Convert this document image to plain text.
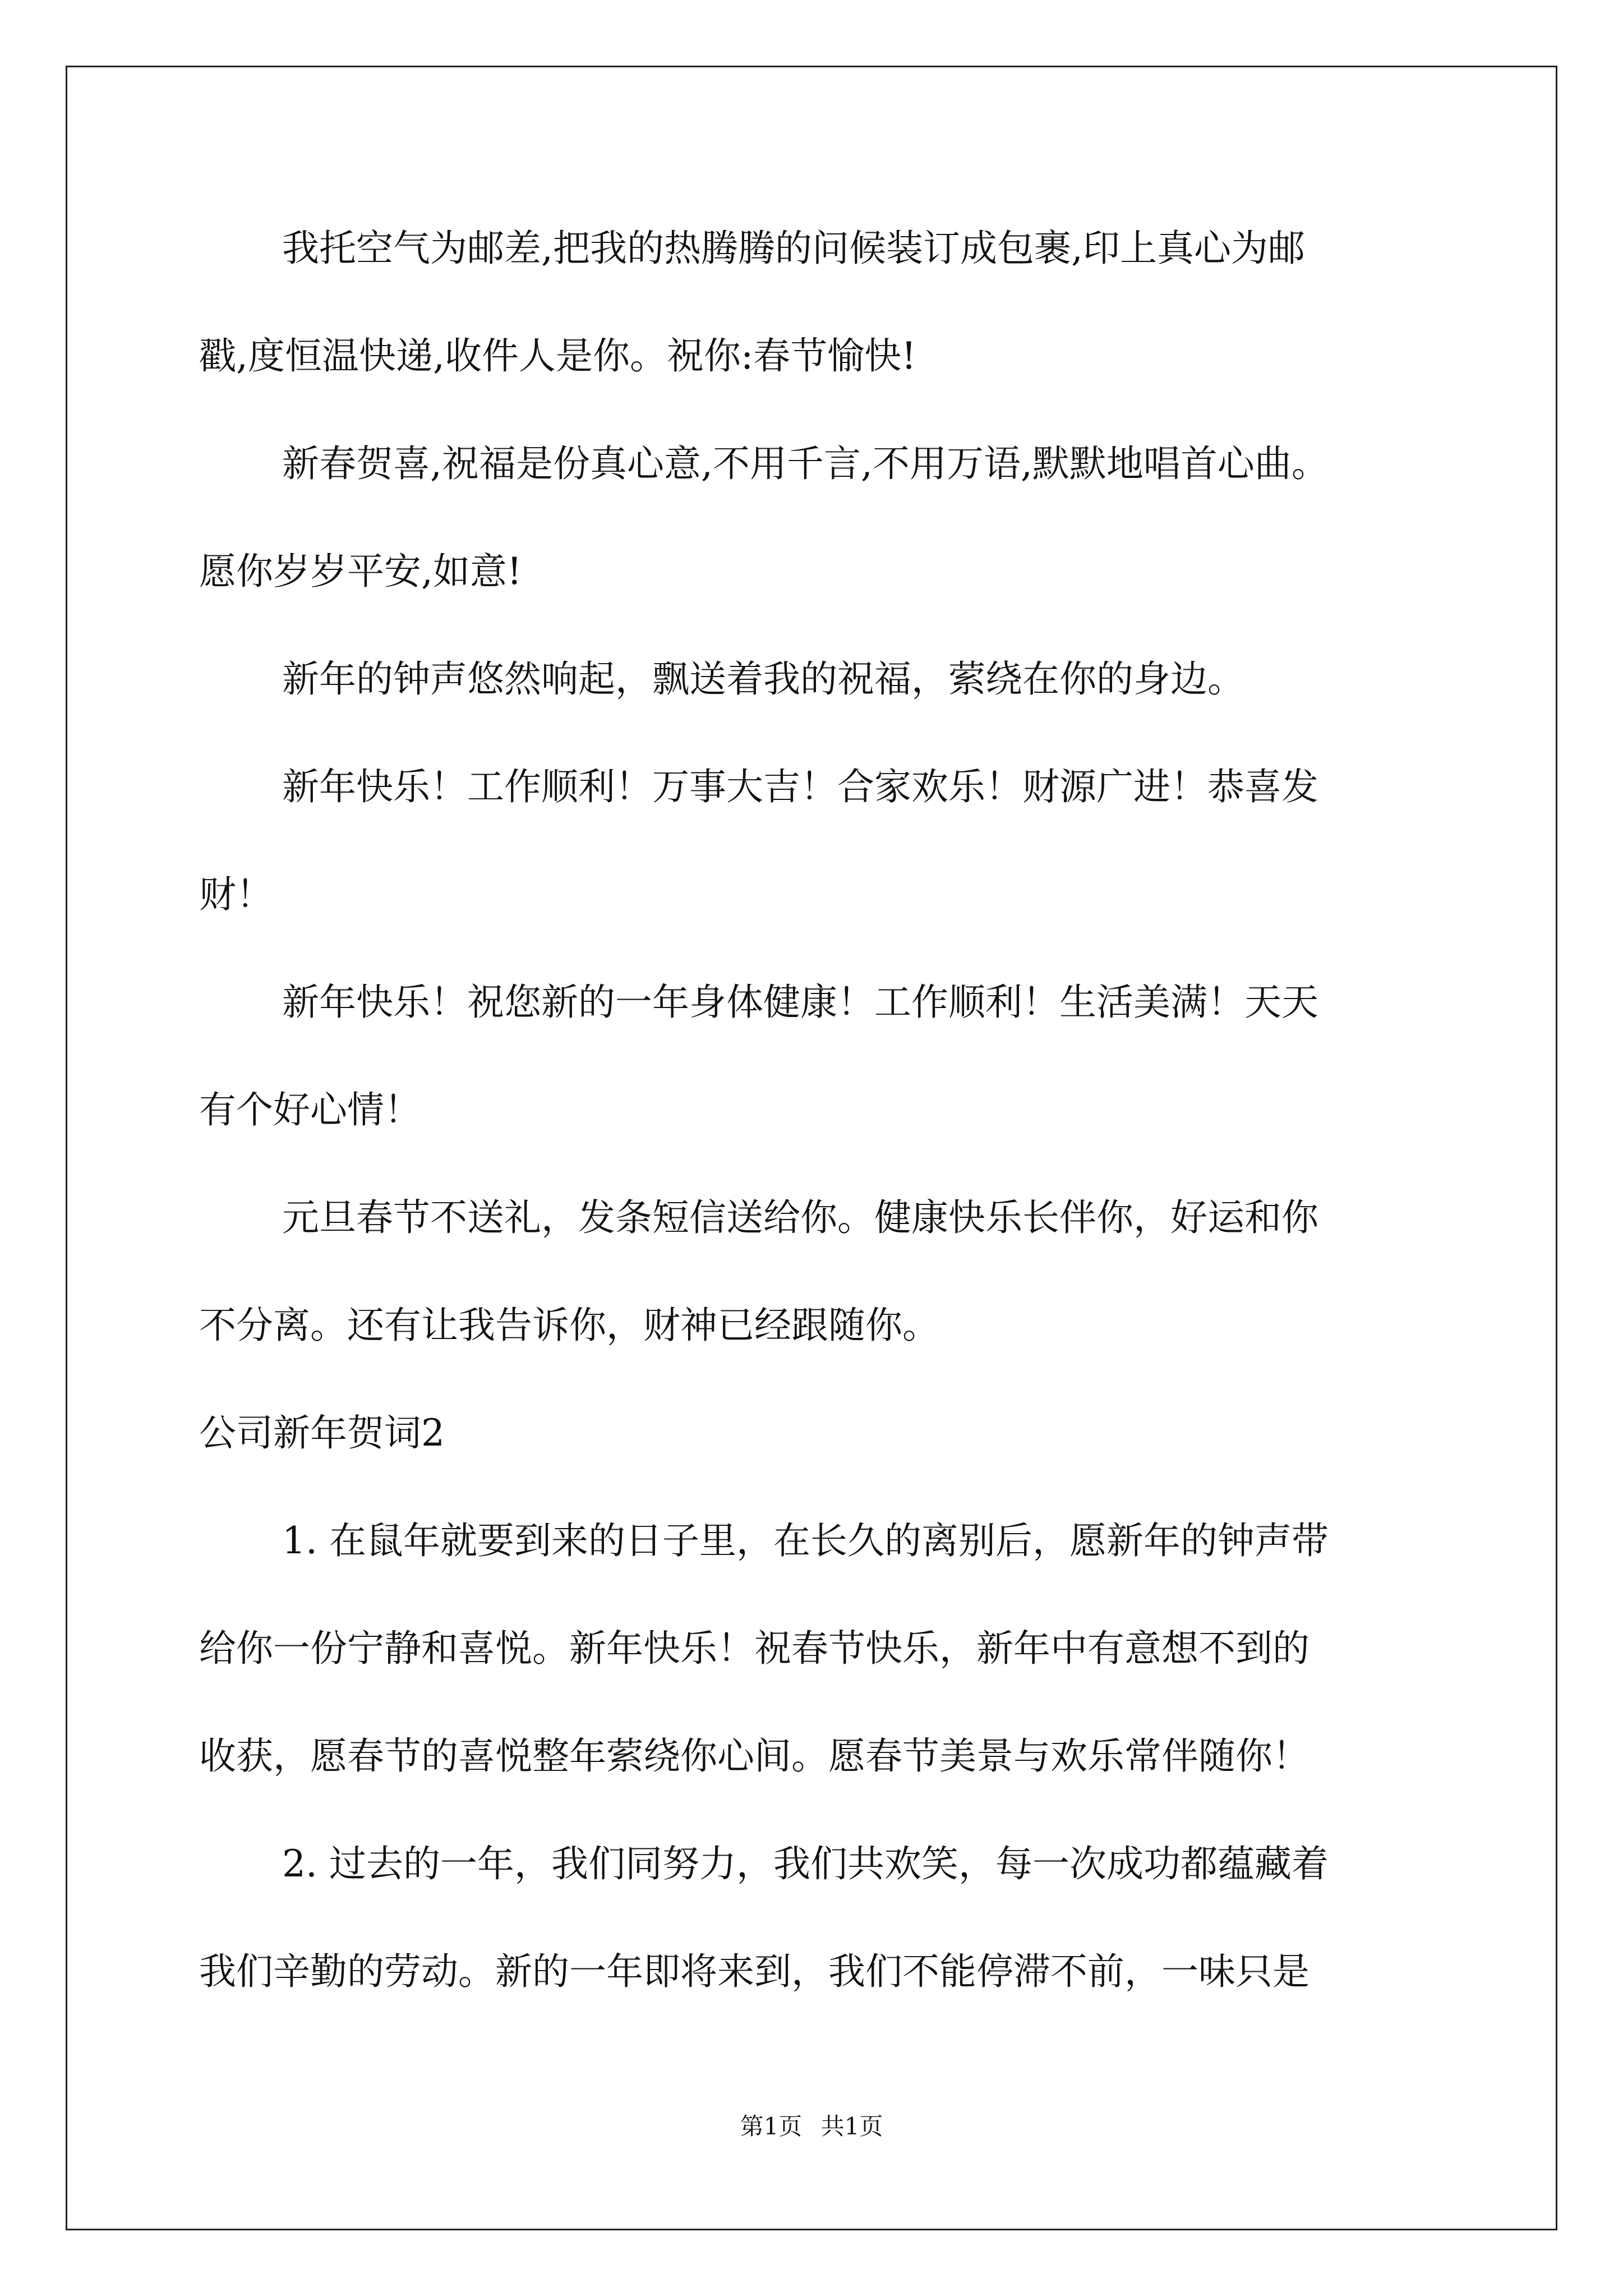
我托空气为邮差,把我的热腾腾的问候装订成包裹,印上真心为邮
戳,度恒温快递,收件人是你。祝你:春节愉快!
新春贺喜,祝福是份真心意,不用千言,不用万语,默默地唱首心曲。
愿你岁岁平安,如意!
新年的钟声悠然响起，飘送着我的祝福，萦绕在你的身边。
新年快乐！工作顺利！万事大吉！合家欢乐！财源广进！恭喜发
财！
新年快乐！祝您新的一年身体健康！工作顺利！生活美满！天天
有个好心情！
元旦春节不送礼，发条短信送给你。健康快乐长伴你，好运和你
不分离。还有让我告诉你，财神已经跟随你。
公司新年贺词2
1. 在鼠年就要到来的日子里，在长久的离别后，愿新年的钟声带
给你一份宁静和喜悦。新年快乐！祝春节快乐，新年中有意想不到的
收获，愿春节的喜悦整年萦绕你心间。愿春节美景与欢乐常伴随你！
2. 过去的一年，我们同努力，我们共欢笑，每一次成功都蕴藏着
我们辛勤的劳动。新的一年即将来到，我们不能停滞不前，一味只是
第1页 共1页
